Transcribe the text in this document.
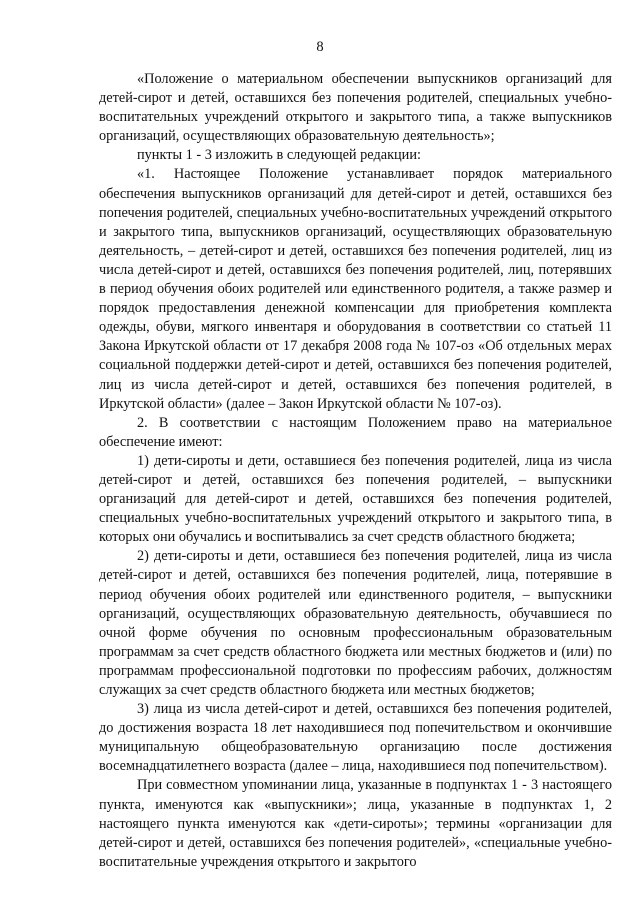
8

«Положение о материальном обеспечении выпускников организаций для детей-сирот и детей, оставшихся без попечения родителей, специальных учебно-воспитательных учреждений открытого и закрытого типа, а также выпускников организаций, осуществляющих образовательную деятельность»;

пункты 1 - 3 изложить в следующей редакции:

«1. Настоящее Положение устанавливает порядок материального обеспечения выпускников организаций для детей-сирот и детей, оставшихся без попечения родителей, специальных учебно-воспитательных учреждений открытого и закрытого типа, выпускников организаций, осуществляющих образовательную деятельность, – детей-сирот и детей, оставшихся без попечения родителей, лиц из числа детей-сирот и детей, оставшихся без попечения родителей, лиц, потерявших в период обучения обоих родителей или единственного родителя, а также размер и порядок предоставления денежной компенсации для приобретения комплекта одежды, обуви, мягкого инвентаря и оборудования в соответствии со статьей 11 Закона Иркутской области от 17 декабря 2008 года № 107-оз «Об отдельных мерах социальной поддержки детей-сирот и детей, оставшихся без попечения родителей, лиц из числа детей-сирот и детей, оставшихся без попечения родителей, в Иркутской области» (далее – Закон Иркутской области № 107-оз).

2. В соответствии с настоящим Положением право на материальное обеспечение имеют:

1) дети-сироты и дети, оставшиеся без попечения родителей, лица из числа детей-сирот и детей, оставшихся без попечения родителей, – выпускники организаций для детей-сирот и детей, оставшихся без попечения родителей, специальных учебно-воспитательных учреждений открытого и закрытого типа, в которых они обучались и воспитывались за счет средств областного бюджета;

2) дети-сироты и дети, оставшиеся без попечения родителей, лица из числа детей-сирот и детей, оставшихся без попечения родителей, лица, потерявшие в период обучения обоих родителей или единственного родителя, – выпускники организаций, осуществляющих образовательную деятельность, обучавшиеся по очной форме обучения по основным профессиональным образовательным программам за счет средств областного бюджета или местных бюджетов и (или) по программам профессиональной подготовки по профессиям рабочих, должностям служащих за счет средств областного бюджета или местных бюджетов;

3) лица из числа детей-сирот и детей, оставшихся без попечения родителей, до достижения возраста 18 лет находившиеся под попечительством и окончившие муниципальную общеобразовательную организацию после достижения восемнадцатилетнего возраста (далее – лица, находившиеся под попечительством).

При совместном упоминании лица, указанные в подпунктах 1 - 3 настоящего пункта, именуются как «выпускники»; лица, указанные в подпунктах 1, 2 настоящего пункта именуются как «дети-сироты»; термины «организации для детей-сирот и детей, оставшихся без попечения родителей», «специальные учебно-воспитательные учреждения открытого и закрытого
